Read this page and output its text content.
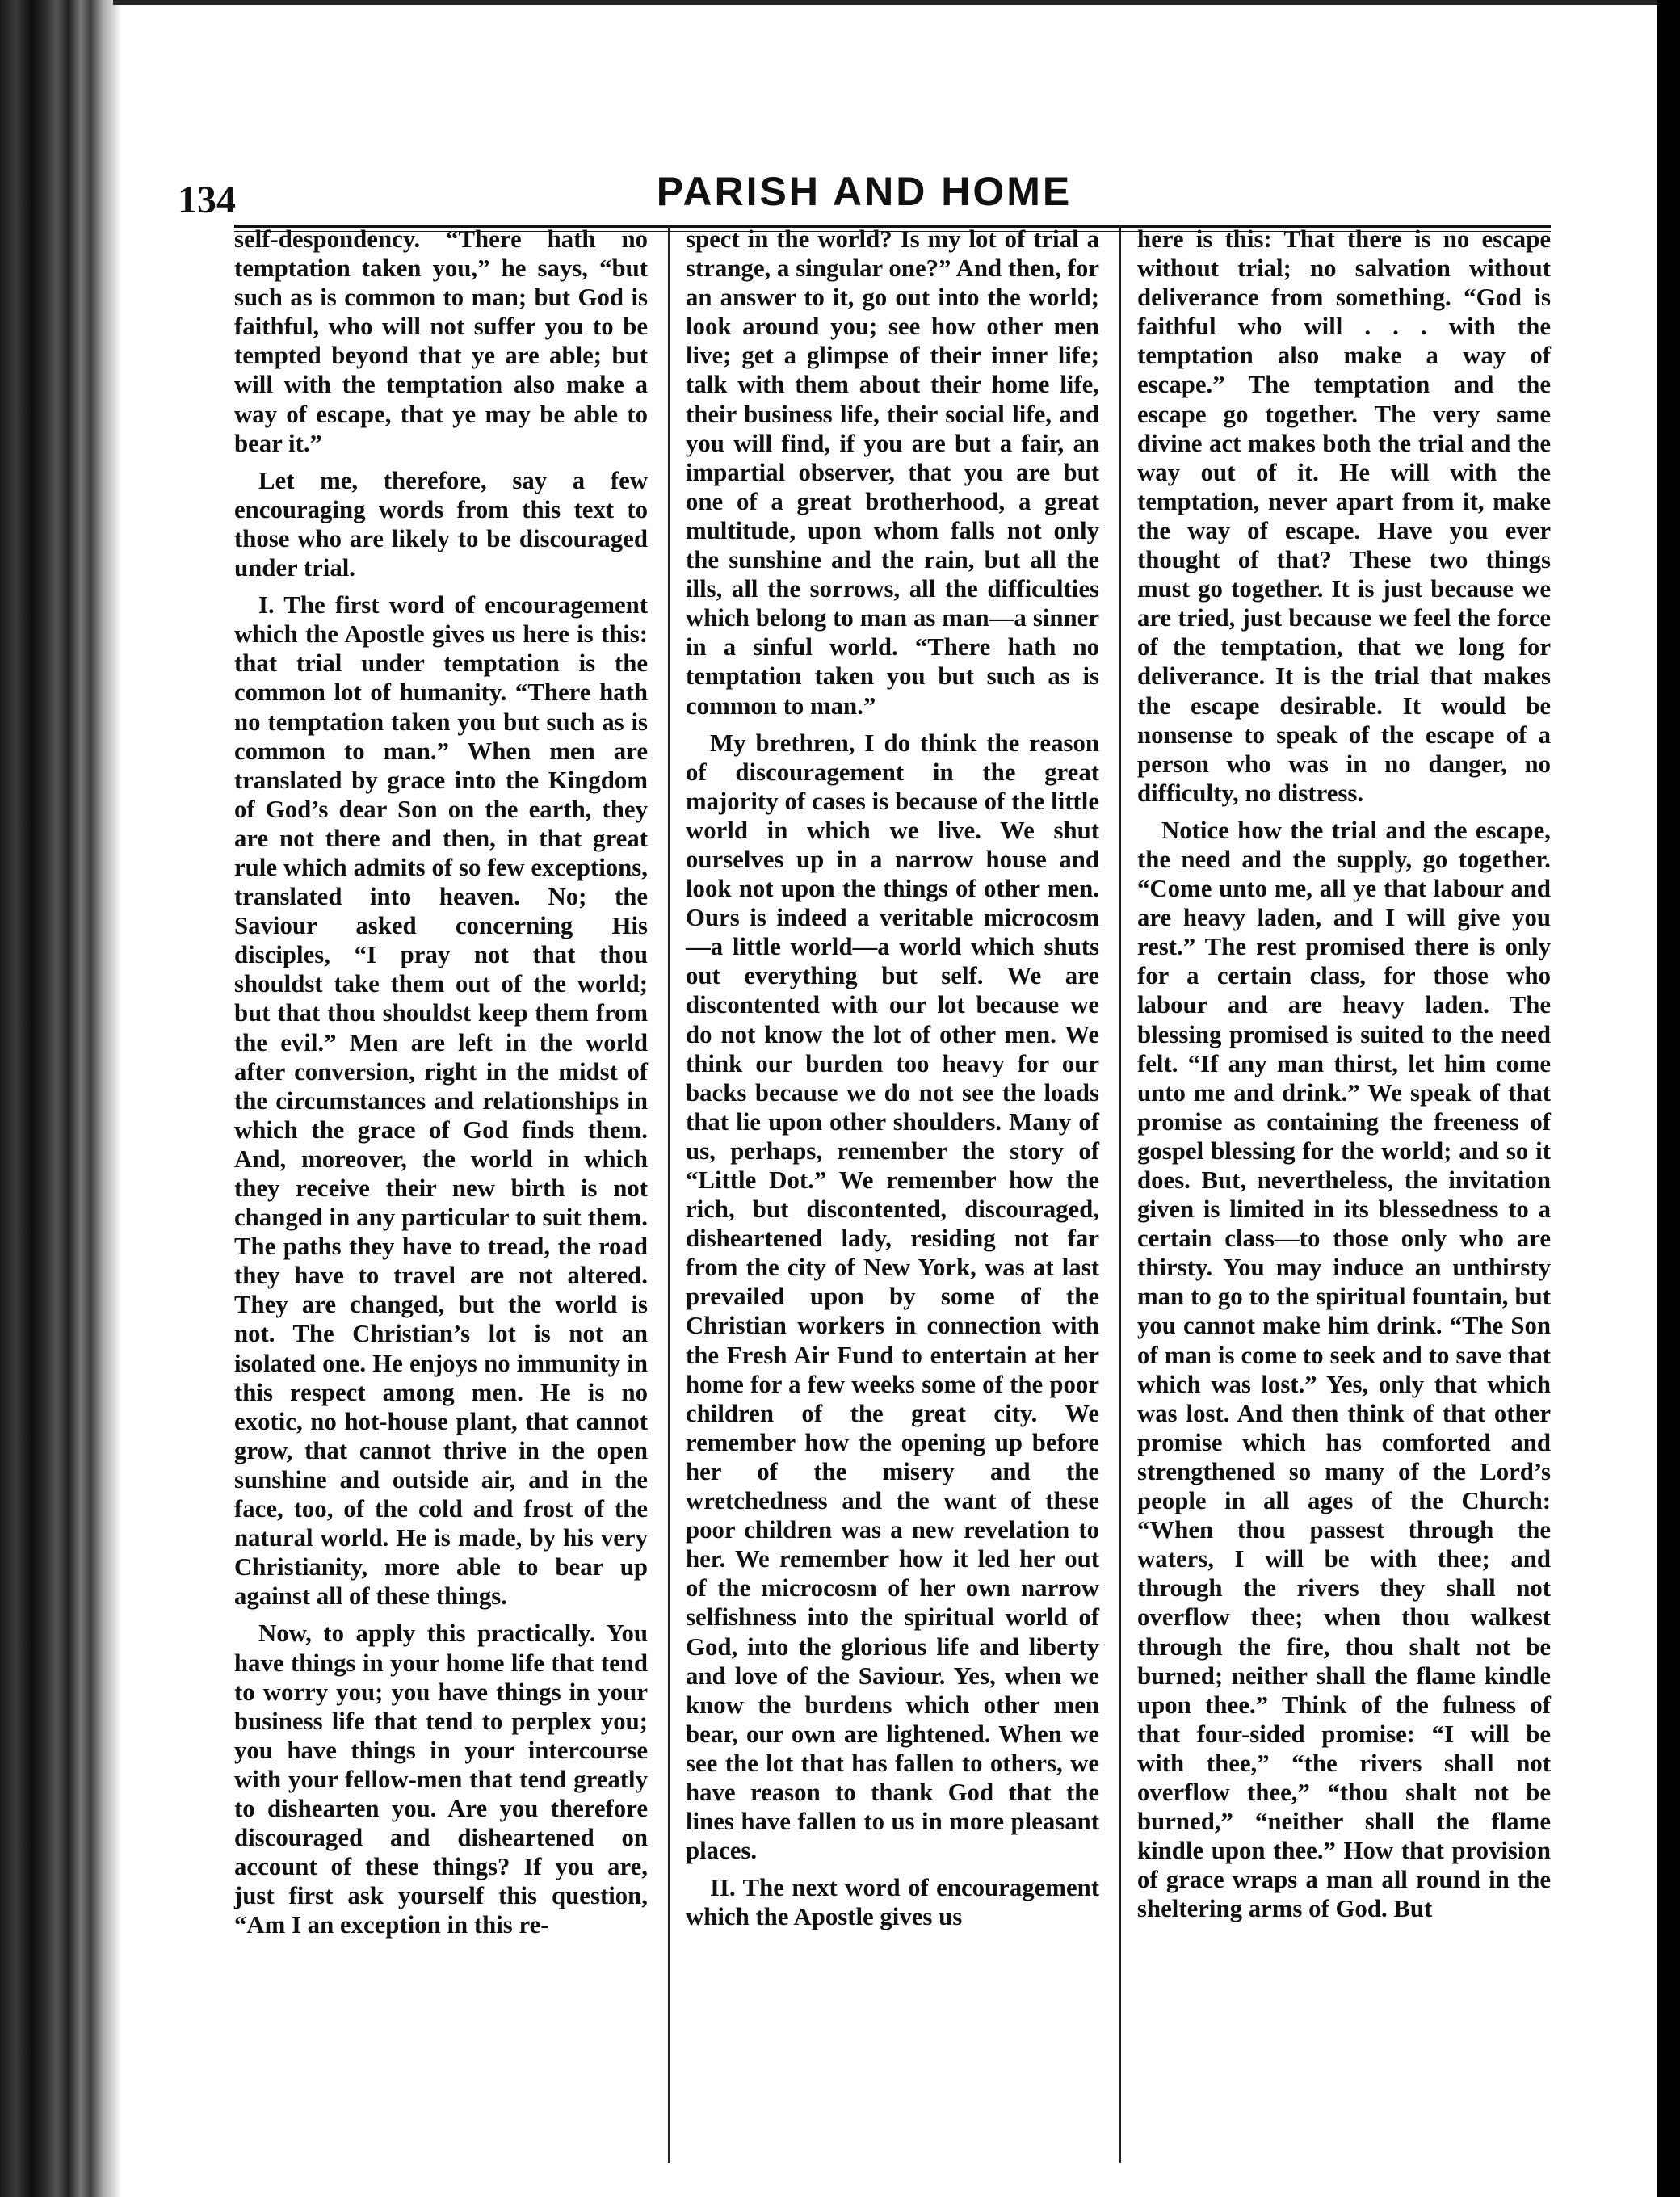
134	PARISH AND HOME

self-despondency. “There hath no temptation taken you,” he says, “but such as is common to man; but God is faithful, who will not suffer you to be tempted beyond that ye are able; but will with the temptation also make a way of escape, that ye may be able to bear it.”

Let me, therefore, say a few encouraging words from this text to those who are likely to be discouraged under trial.

I. The first word of encouragement which the Apostle gives us here is this: that trial under temptation is the common lot of humanity. “There hath no temptation taken you but such as is common to man.” When men are translated by grace into the Kingdom of God’s dear Son on the earth, they are not there and then, in that great rule which admits of so few exceptions, translated into heaven. No; the Saviour asked concerning His disciples, “I pray not that thou shouldst take them out of the world; but that thou shouldst keep them from the evil.” Men are left in the world after conversion, right in the midst of the circumstances and relationships in which the grace of God finds them. And, moreover, the world in which they receive their new birth is not changed in any particular to suit them. The paths they have to tread, the road they have to travel are not altered. They are changed, but the world is not. The Christian’s lot is not an isolated one. He enjoys no immunity in this respect among men. He is no exotic, no hot-house plant, that cannot grow, that cannot thrive in the open sunshine and outside air, and in the face, too, of the cold and frost of the natural world. He is made, by his very Christianity, more able to bear up against all of these things.

Now, to apply this practically. You have things in your home life that tend to worry you; you have things in your business life that tend to perplex you; you have things in your intercourse with your fellow-men that tend greatly to dishearten you. Are you therefore discouraged and disheartened on account of these things? If you are, just first ask yourself this question, “Am I an exception in this re-

spect in the world? Is my lot of trial a strange, a singular one?” And then, for an answer to it, go out into the world; look around you; see how other men live; get a glimpse of their inner life; talk with them about their home life, their business life, their social life, and you will find, if you are but a fair, an impartial observer, that you are but one of a great brotherhood, a great multitude, upon whom falls not only the sunshine and the rain, but all the ills, all the sorrows, all the difficulties which belong to man as man—a sinner in a sinful world. “There hath no temptation taken you but such as is common to man.”

My brethren, I do think the reason of discouragement in the great majority of cases is because of the little world in which we live. We shut ourselves up in a narrow house and look not upon the things of other men. Ours is indeed a veritable microcosm—a little world—a world which shuts out everything but self. We are discontented with our lot because we do not know the lot of other men. We think our burden too heavy for our backs because we do not see the loads that lie upon other shoulders. Many of us, perhaps, remember the story of “Little Dot.” We remember how the rich, but discontented, discouraged, disheartened lady, residing not far from the city of New York, was at last prevailed upon by some of the Christian workers in connection with the Fresh Air Fund to entertain at her home for a few weeks some of the poor children of the great city. We remember how the opening up before her of the misery and the wretchedness and the want of these poor children was a new revelation to her. We remember how it led her out of the microcosm of her own narrow selfishness into the spiritual world of God, into the glorious life and liberty and love of the Saviour. Yes, when we know the burdens which other men bear, our own are lightened. When we see the lot that has fallen to others, we have reason to thank God that the lines have fallen to us in more pleasant places.

II. The next word of encouragement which the Apostle gives us

here is this: That there is no escape without trial; no salvation without deliverance from something. “God is faithful who will . . . with the temptation also make a way of escape.” The temptation and the escape go together. The very same divine act makes both the trial and the way out of it. He will with the temptation, never apart from it, make the way of escape. Have you ever thought of that? These two things must go together. It is just because we are tried, just because we feel the force of the temptation, that we long for deliverance. It is the trial that makes the escape desirable. It would be nonsense to speak of the escape of a person who was in no danger, no difficulty, no distress.

Notice how the trial and the escape, the need and the supply, go together. “Come unto me, all ye that labour and are heavy laden, and I will give you rest.” The rest promised there is only for a certain class, for those who labour and are heavy laden. The blessing promised is suited to the need felt. “If any man thirst, let him come unto me and drink.” We speak of that promise as containing the freeness of gospel blessing for the world; and so it does. But, nevertheless, the invitation given is limited in its blessedness to a certain class—to those only who are thirsty. You may induce an unthirsty man to go to the spiritual fountain, but you cannot make him drink. “The Son of man is come to seek and to save that which was lost.” Yes, only that which was lost. And then think of that other promise which has comforted and strengthened so many of the Lord’s people in all ages of the Church: “When thou passest through the waters, I will be with thee; and through the rivers they shall not overflow thee; when thou walkest through the fire, thou shalt not be burned; neither shall the flame kindle upon thee.” Think of the fulness of that four-sided promise: “I will be with thee,” “the rivers shall not overflow thee,” “thou shalt not be burned,” “neither shall the flame kindle upon thee.” How that provision of grace wraps a man all round in the sheltering arms of God. But
